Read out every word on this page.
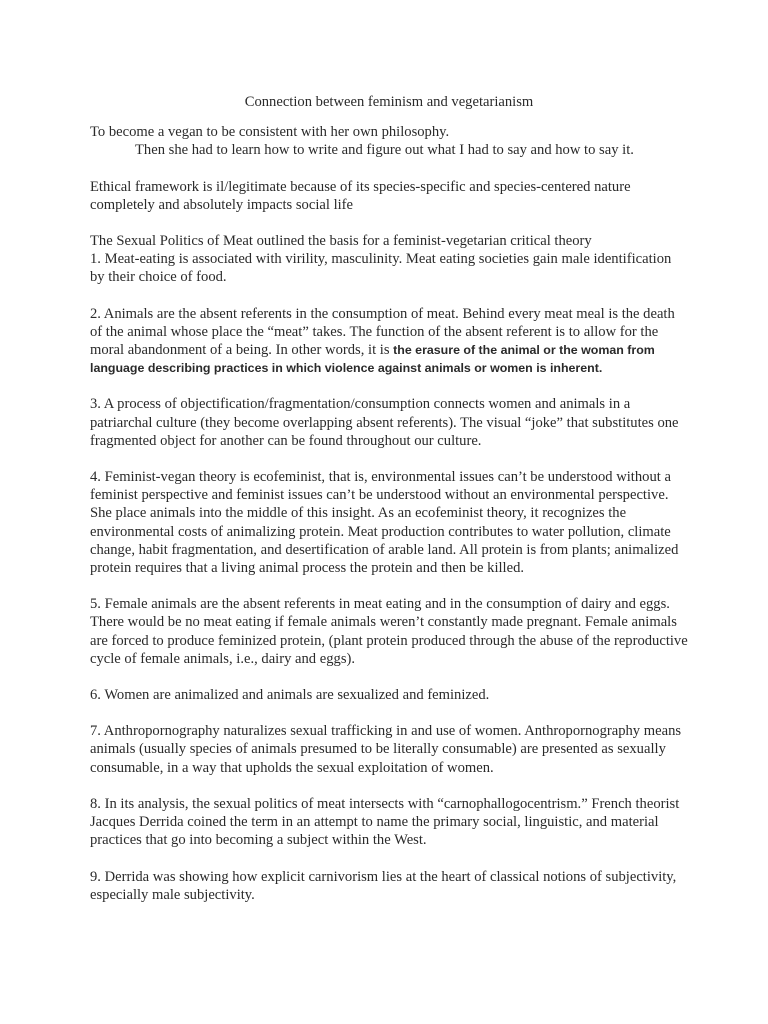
Connection between feminism and vegetarianism

To become a vegan to be consistent with her own philosophy.

Then she had to learn how to write and figure out what I had to say and how to say it.

Ethical framework is il/legitimate because of its species-specific and species-centered nature completely and absolutely impacts social life

The Sexual Politics of Meat outlined the basis for a feminist-vegetarian critical theory

1. Meat-eating is associated with virility, masculinity. Meat eating societies gain male identification by their choice of food.

2. Animals are the absent referents in the consumption of meat. Behind every meat meal is the death of the animal whose place the “meat” takes. The function of the absent referent is to allow for the moral abandonment of a being. In other words, it is the erasure of the animal or the woman from language describing practices in which violence against animals or women is inherent.

3. A process of objectification/fragmentation/consumption connects women and animals in a patriarchal culture (they become overlapping absent referents). The visual “joke” that substitutes one fragmented object for another can be found throughout our culture.

4. Feminist-vegan theory is ecofeminist, that is, environmental issues can’t be understood without a feminist perspective and feminist issues can’t be understood without an environmental perspective. She place animals into the middle of this insight. As an ecofeminist theory, it recognizes the environmental costs of animalizing protein. Meat production contributes to water pollution, climate change, habit fragmentation, and desertification of arable land. All protein is from plants; animalized protein requires that a living animal process the protein and then be killed.

5. Female animals are the absent referents in meat eating and in the consumption of dairy and eggs. There would be no meat eating if female animals weren’t constantly made pregnant. Female animals are forced to produce feminized protein, (plant protein produced through the abuse of the reproductive cycle of female animals, i.e., dairy and eggs).

6. Women are animalized and animals are sexualized and feminized.

7. Anthropornography naturalizes sexual trafficking in and use of women. Anthropornography means animals (usually species of animals presumed to be literally consumable) are presented as sexually consumable, in a way that upholds the sexual exploitation of women.

8. In its analysis, the sexual politics of meat intersects with “carnophallogocentrism.” French theorist Jacques Derrida coined the term in an attempt to name the primary social, linguistic, and material practices that go into becoming a subject within the West.

9. Derrida was showing how explicit carnivorism lies at the heart of classical notions of subjectivity, especially male subjectivity.
